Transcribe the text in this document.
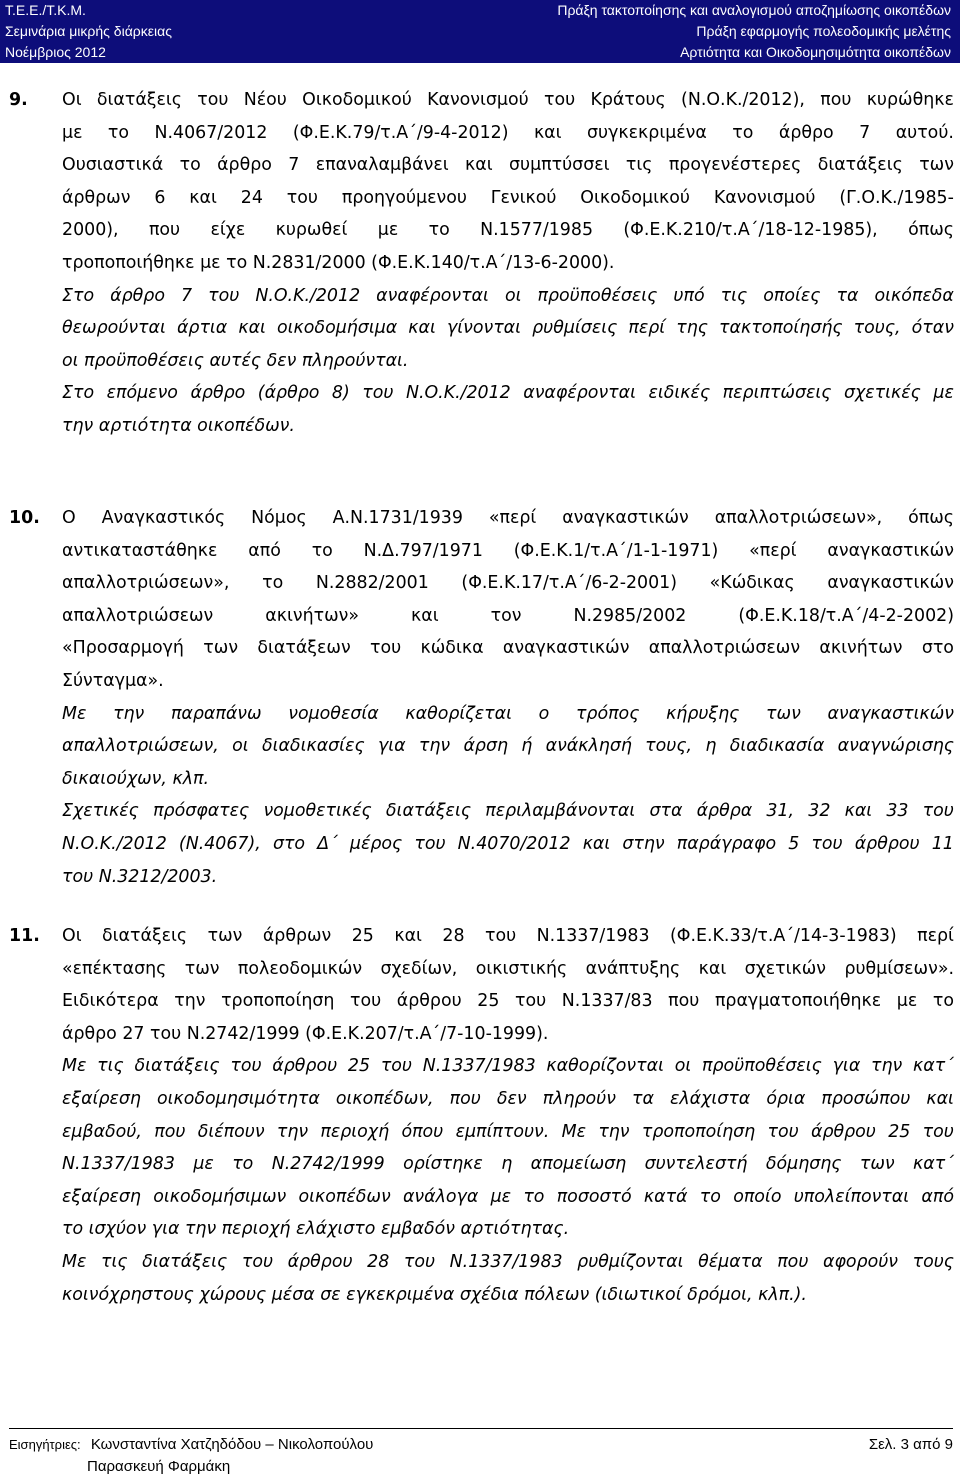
Τ.Ε.Ε./Τ.Κ.Μ.
Σεμινάρια μικρής διάρκειας
Νοέμβριος 2012
Πράξη τακτοποίησης και αναλογισμού αποζημίωσης οικοπέδων
Πράξη εφαρμογής πολεοδομικής μελέτης
Αρτιότητα και Οικοδομησιμότητα οικοπέδων
9. Οι διατάξεις του Νέου Οικοδομικού Κανονισμού του Κράτους (Ν.Ο.Κ./2012), που κυρώθηκε
με το Ν.4067/2012 (Φ.Ε.Κ.79/τ.Α΄/9-4-2012) και συγκεκριμένα το άρθρο 7 αυτού.
Ουσιαστικά το άρθρο 7 επαναλαμβάνει και συμπτύσσει τις προγενέστερες διατάξεις των
άρθρων 6 και 24 του προηγούμενου Γενικού Οικοδομικού Κανονισμού (Γ.Ο.Κ./1985-
2000), που είχε κυρωθεί με το Ν.1577/1985 (Φ.Ε.Κ.210/τ.Α΄/18-12-1985), όπως
τροποποιήθηκε με το Ν.2831/2000 (Φ.Ε.Κ.140/τ.Α΄/13-6-2000).
Στο άρθρο 7 του Ν.Ο.Κ./2012 αναφέρονται οι προϋποθέσεις υπό τις οποίες τα οικόπεδα
θεωρούνται άρτια και οικοδομήσιμα και γίνονται ρυθμίσεις περί της τακτοποίησής τους, όταν
οι προϋποθέσεις αυτές δεν πληρούνται.
Στο επόμενο άρθρο (άρθρο 8) του Ν.Ο.Κ./2012 αναφέρονται ειδικές περιπτώσεις σχετικές με
την αρτιότητα οικοπέδων.
10. Ο Αναγκαστικός Νόμος Α.Ν.1731/1939 «περί αναγκαστικών απαλλοτριώσεων», όπως
αντικαταστάθηκε από το Ν.Δ.797/1971 (Φ.Ε.Κ.1/τ.Α΄/1-1-1971) «περί αναγκαστικών
απαλλοτριώσεων», το Ν.2882/2001 (Φ.Ε.Κ.17/τ.Α΄/6-2-2001) «Κώδικας αναγκαστικών
απαλλοτριώσεων	ακινήτων»	και	τον	Ν.2985/2002	(Φ.Ε.Κ.18/τ.Α΄/4-2-2002)
«Προσαρμογή των διατάξεων του κώδικα αναγκαστικών απαλλοτριώσεων ακινήτων στο
Σύνταγμα».
Με την παραπάνω νομοθεσία καθορίζεται ο τρόπος κήρυξης των αναγκαστικών
απαλλοτριώσεων, οι διαδικασίες για την άρση ή ανάκλησή τους, η διαδικασία αναγνώρισης
δικαιούχων, κλπ.
Σχετικές πρόσφατες νομοθετικές διατάξεις περιλαμβάνονται στα άρθρα 31, 32 και 33 του
Ν.Ο.Κ./2012 (Ν.4067), στο Δ΄ μέρος του Ν.4070/2012 και στην παράγραφο 5 του άρθρου 11
του Ν.3212/2003.
11. Οι διατάξεις των άρθρων 25 και 28 του Ν.1337/1983 (Φ.Ε.Κ.33/τ.Α΄/14-3-1983) περί
«επέκτασης των πολεοδομικών σχεδίων, οικιστικής ανάπτυξης και σχετικών ρυθμίσεων».
Ειδικότερα την τροποποίηση του άρθρου 25 του Ν.1337/83 που πραγματοποιήθηκε με το
άρθρο 27 του Ν.2742/1999 (Φ.Ε.Κ.207/τ.Α΄/7-10-1999).
Με τις διατάξεις του άρθρου 25 του Ν.1337/1983 καθορίζονται οι προϋποθέσεις για την κατ΄
εξαίρεση οικοδομησιμότητα οικοπέδων, που δεν πληρούν τα ελάχιστα όρια προσώπου και
εμβαδού, που διέπουν την περιοχή όπου εμπίπτουν. Με την τροποποίηση του άρθρου 25 του
Ν.1337/1983 με το Ν.2742/1999 ορίστηκε η απομείωση συντελεστή δόμησης των κατ΄
εξαίρεση οικοδομήσιμων οικοπέδων ανάλογα με το ποσοστό κατά το οποίο υπολείπονται από
το ισχύον για την περιοχή ελάχιστο εμβαδόν αρτιότητας.
Με τις διατάξεις του άρθρου 28 του Ν.1337/1983 ρυθμίζονται θέματα που αφορούν τους
κοινόχρηστους χώρους μέσα σε εγκεκριμένα σχέδια πόλεων (ιδιωτικοί δρόμοι, κλπ.).
Εισηγήτριες: Κωνσταντίνα Χατζηδόδου – Νικολοπούλου
Παρασκευή Φαρμάκη
Σελ. 3 από 9
